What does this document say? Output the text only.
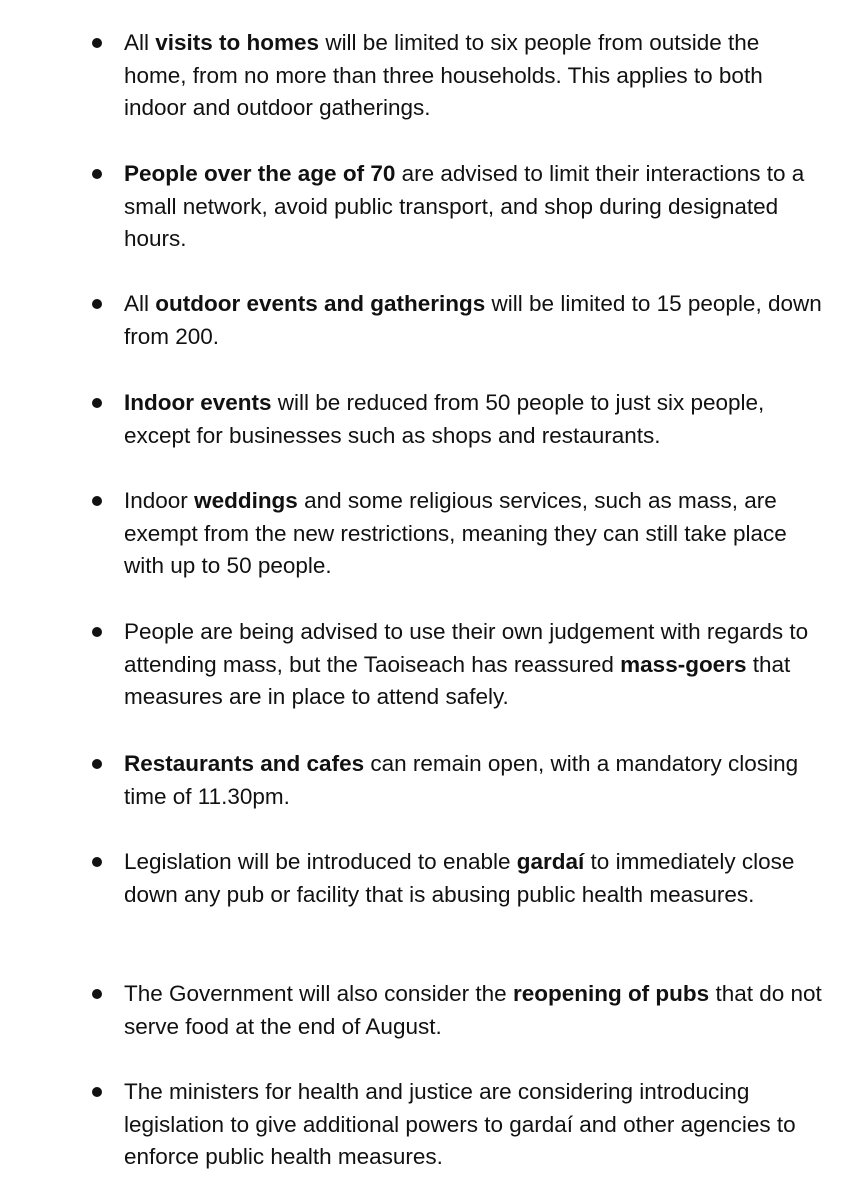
All visits to homes will be limited to six people from outside the home, from no more than three households. This applies to both indoor and outdoor gatherings.
People over the age of 70 are advised to limit their interactions to a small network, avoid public transport, and shop during designated hours.
All outdoor events and gatherings will be limited to 15 people, down from 200.
Indoor events will be reduced from 50 people to just six people, except for businesses such as shops and restaurants.
Indoor weddings and some religious services, such as mass, are exempt from the new restrictions, meaning they can still take place with up to 50 people.
People are being advised to use their own judgement with regards to attending mass, but the Taoiseach has reassured mass-goers that measures are in place to attend safely.
Restaurants and cafes can remain open, with a mandatory closing time of 11.30pm.
Legislation will be introduced to enable gardaí to immediately close down any pub or facility that is abusing public health measures.
The Government will also consider the reopening of pubs that do not serve food at the end of August.
The ministers for health and justice are considering introducing legislation to give additional powers to gardaí and other agencies to enforce public health measures.
